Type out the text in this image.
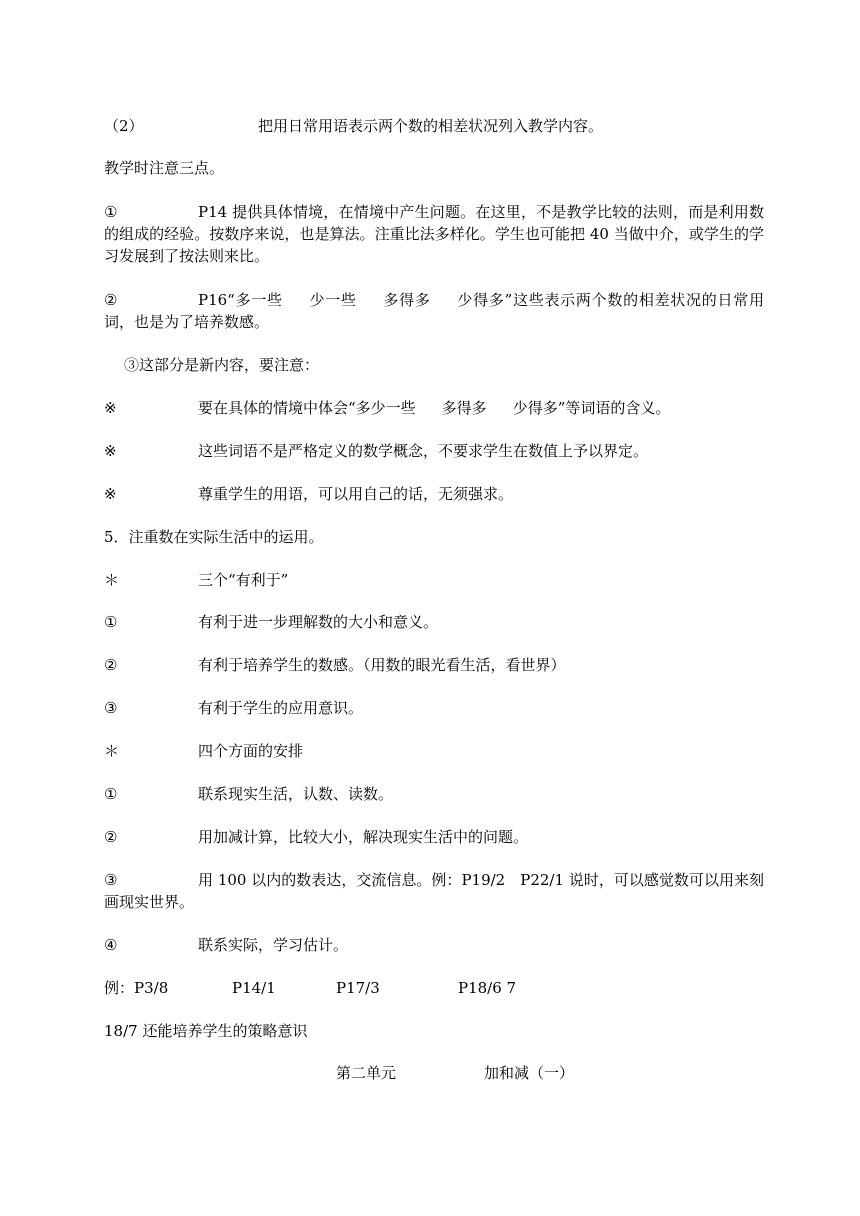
（2）	把用日常用语表示两个数的相差状况列入教学内容。
教学时注意三点。
①	P14 提供具体情境，在情境中产生问题。在这里，不是教学比较的法则，而是利用数的组成的经验。按数序来说，也是算法。注重比法多样化。学生也可能把 40 当做中介，或学生的学习发展到了按法则来比。
②	P16“多一些 少一些 多得多 少得多”这些表示两个数的相差状况的日常用词，也是为了培养数感。
③这部分是新内容，要注意：
※	要在具体的情境中体会“多少一些 多得多 少得多”等词语的含义。
※	这些词语不是严格定义的数学概念，不要求学生在数值上予以界定。
※	尊重学生的用语，可以用自己的话，无须强求。
5．注重数在实际生活中的运用。
＊	三个“有利于”
①	有利于进一步理解数的大小和意义。
②	有利于培养学生的数感。（用数的眼光看生活，看世界）
③	有利于学生的应用意识。
＊	四个方面的安排
①	联系现实生活，认数、读数。
②	用加减计算，比较大小，解决现实生活中的问题。
③	用 100 以内的数表达，交流信息。例：P19/2　P22/1 说时，可以感觉数可以用来刻画现实世界。
④	联系实际，学习估计。
例：P3/8	P14/1	P17/3	P18/6 7
18/7 还能培养学生的策略意识
第二单元	加和减（一）
